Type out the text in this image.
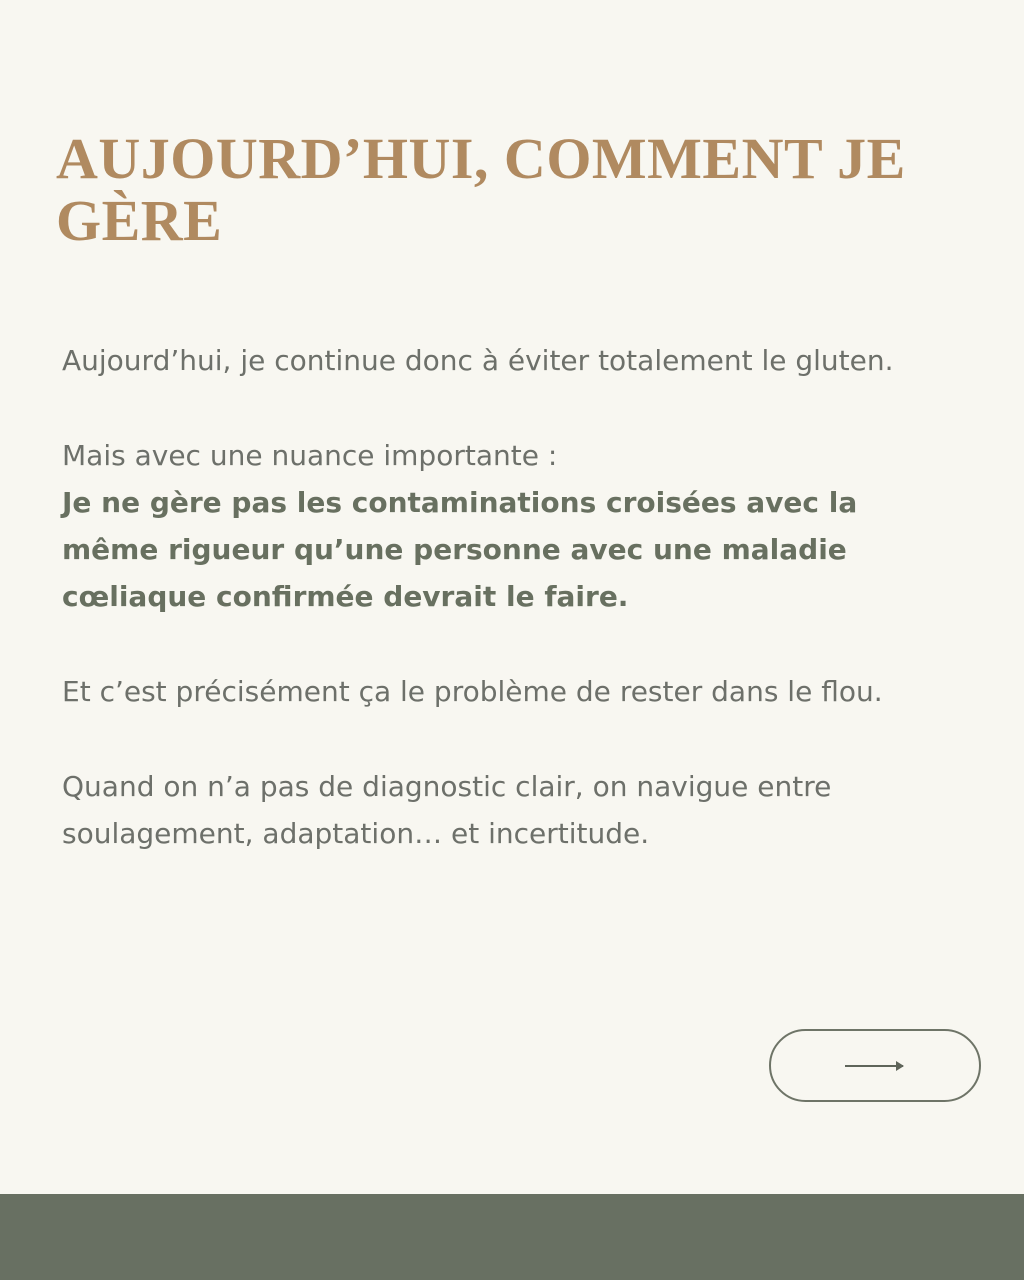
AUJOURD’HUI, COMMENT JE GÈRE

Aujourd’hui, je continue donc à éviter totalement le gluten.

Mais avec une nuance importante :
Je ne gère pas les contaminations croisées avec la même rigueur qu’une personne avec une maladie cœliaque confirmée devrait le faire.

Et c’est précisément ça le problème de rester dans le flou.

Quand on n’a pas de diagnostic clair, on navigue entre soulagement, adaptation… et incertitude.
